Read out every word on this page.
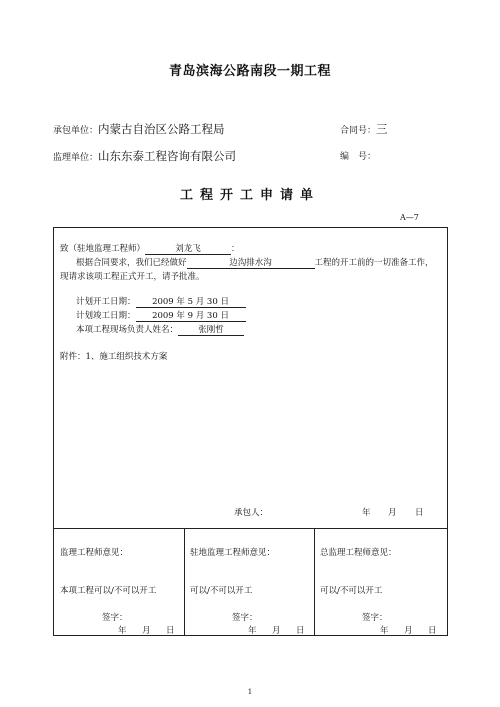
青岛滨海公路南段一期工程
承包单位：内蒙古自治区公路工程局	合同号：三
监理单位：山东东泰工程咨询有限公司	编　号：
工程开工申请单
A—7
致（驻地监理工程师）	刘龙飞	：
根据合同要求，我们已经做好	边沟排水沟	工程的开工前的一切准备工作，
现请求该项工程正式开工，请予批准。
计划开工日期： 2009 年 5 月 30 日
计划竣工日期： 2009 年 9 月 30 日
本项工程现场负责人姓名： 张刚哲
附件：1、施工组织技术方案
承包人：	年 月 日
监理工程师意见：
本项工程可以/不可以开工
签字：
年 月 日
驻地监理工程师意见：
可以/不可以开工
签字：
年 月 日
总监理工程师意见：
可以/不可以开工
签字：
年 月 日
1
